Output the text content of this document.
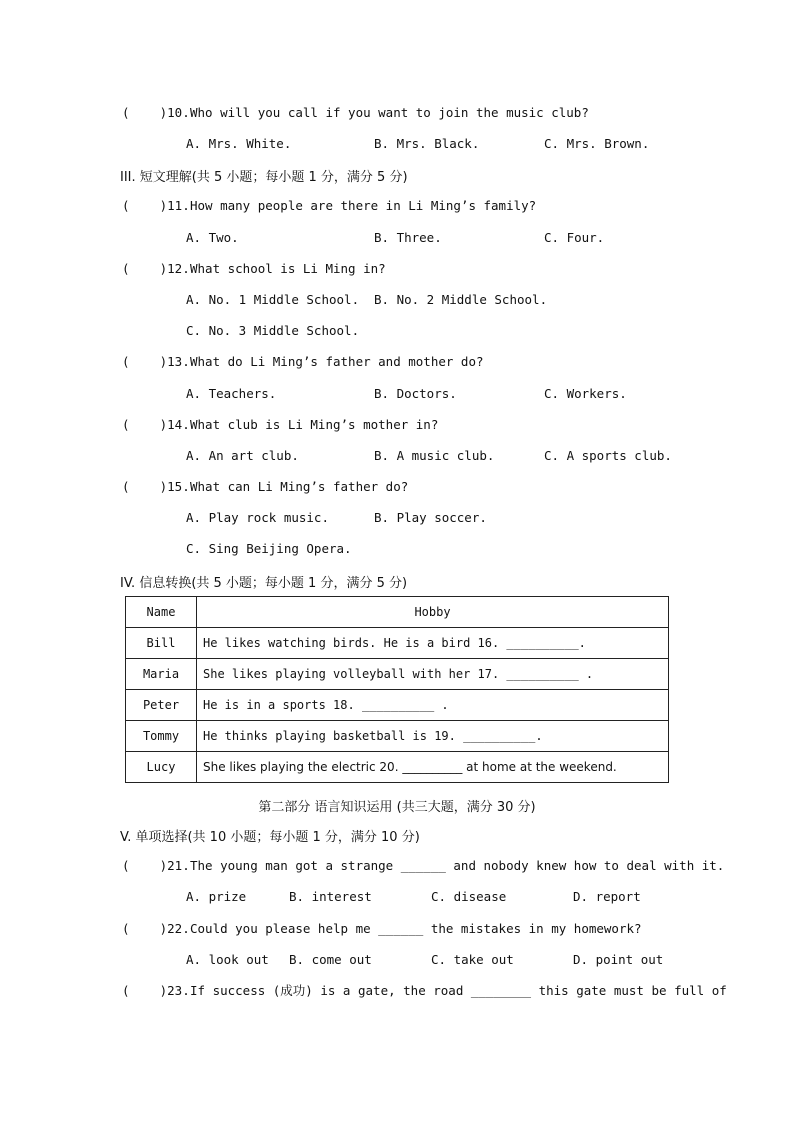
(    )10. Who will you call if you want to join the music club?
A. Mrs. White.	B. Mrs. Black.	C. Mrs. Brown.
III. 短文理解(共 5 小题；每小题 1 分，满分 5 分)
(    )11. How many people are there in Li Ming’s family?
A. Two.	B. Three.	C. Four.
(    )12. What school is Li Ming in?
A. No. 1 Middle School. B. No. 2 Middle School.
C. No. 3 Middle School.
(    )13. What do Li Ming’s father and mother do?
A. Teachers.	B. Doctors.	C. Workers.
(    )14. What club is Li Ming’s mother in?
A. An art club.	B. A music club.	C. A sports club.
(    )15. What can Li Ming’s father do?
A. Play rock music.	B. Play soccer.
C. Sing Beijing Opera.
IV. 信息转换(共 5 小题；每小题 1 分，满分 5 分)
Name	Hobby
Bill	He likes watching birds. He is a bird 16. __________.
Maria	She likes playing volleyball with her 17. __________ .
Peter	He is in a sports 18. __________ .
Tommy	He thinks playing basketball is 19. __________.
Lucy	She likes playing the electric 20. __________ at home at the weekend.
第二部分 语言知识运用 (共三大题，满分 30 分)
V. 单项选择(共 10 小题；每小题 1 分，满分 10 分)
(    )21. The young man got a strange ______ and nobody knew how to deal with it.
A. prize	B. interest	C. disease	D. report
(    )22. Could you please help me ______ the mistakes in my homework?
A. look out B. come out	C. take out	D. point out
(    )23. If success (成功) is a gate, the road ________ this gate must be full of
